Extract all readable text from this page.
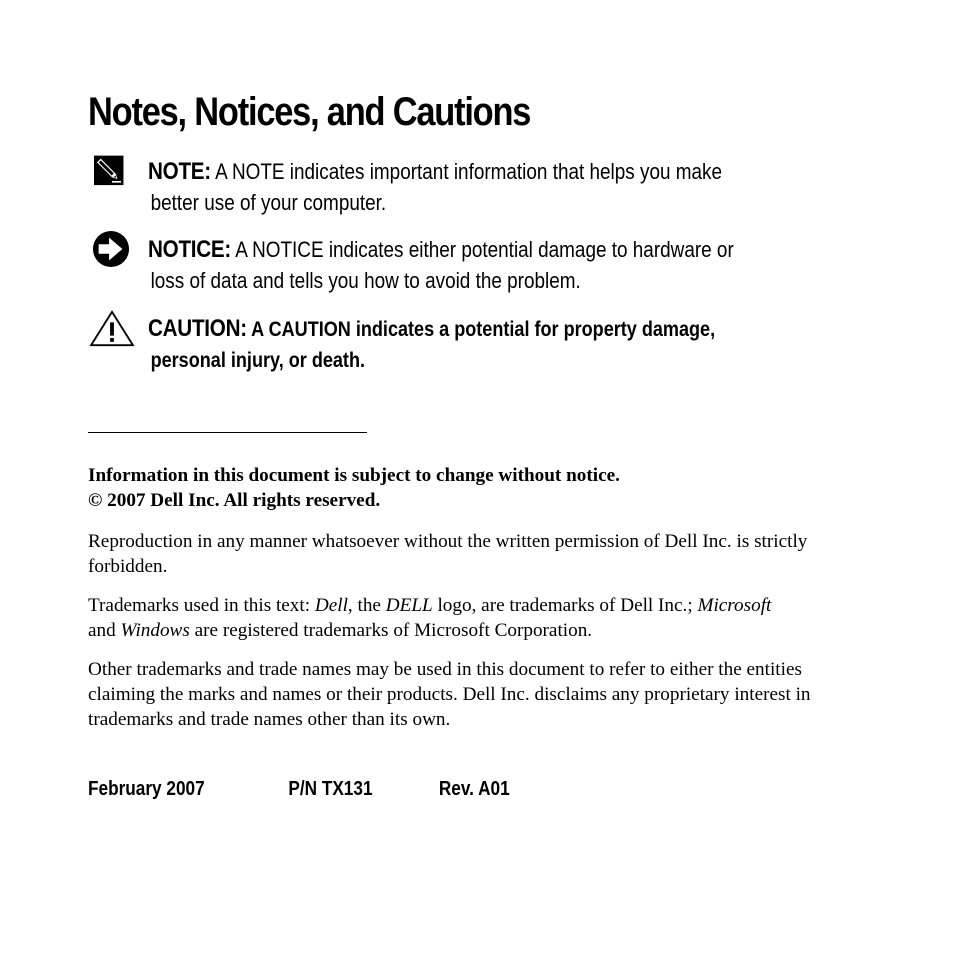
Notes, Notices, and Cautions
NOTE: A NOTE indicates important information that helps you make
better use of your computer.
NOTICE: A NOTICE indicates either potential damage to hardware or
loss of data and tells you how to avoid the problem.
CAUTION: A CAUTION indicates a potential for property damage,
personal injury, or death.
Information in this document is subject to change without notice.
© 2007 Dell Inc. All rights reserved.

Reproduction in any manner whatsoever without the written permission of Dell Inc. is strictly forbidden.

Trademarks used in this text: Dell, the DELL logo, are trademarks of Dell Inc.; Microsoft
and Windows are registered trademarks of Microsoft Corporation.

Other trademarks and trade names may be used in this document to refer to either the entities claiming the marks and names or their products. Dell Inc. disclaims any proprietary interest in trademarks and trade names other than its own.

February 2007	P/N TX131	Rev. A01
